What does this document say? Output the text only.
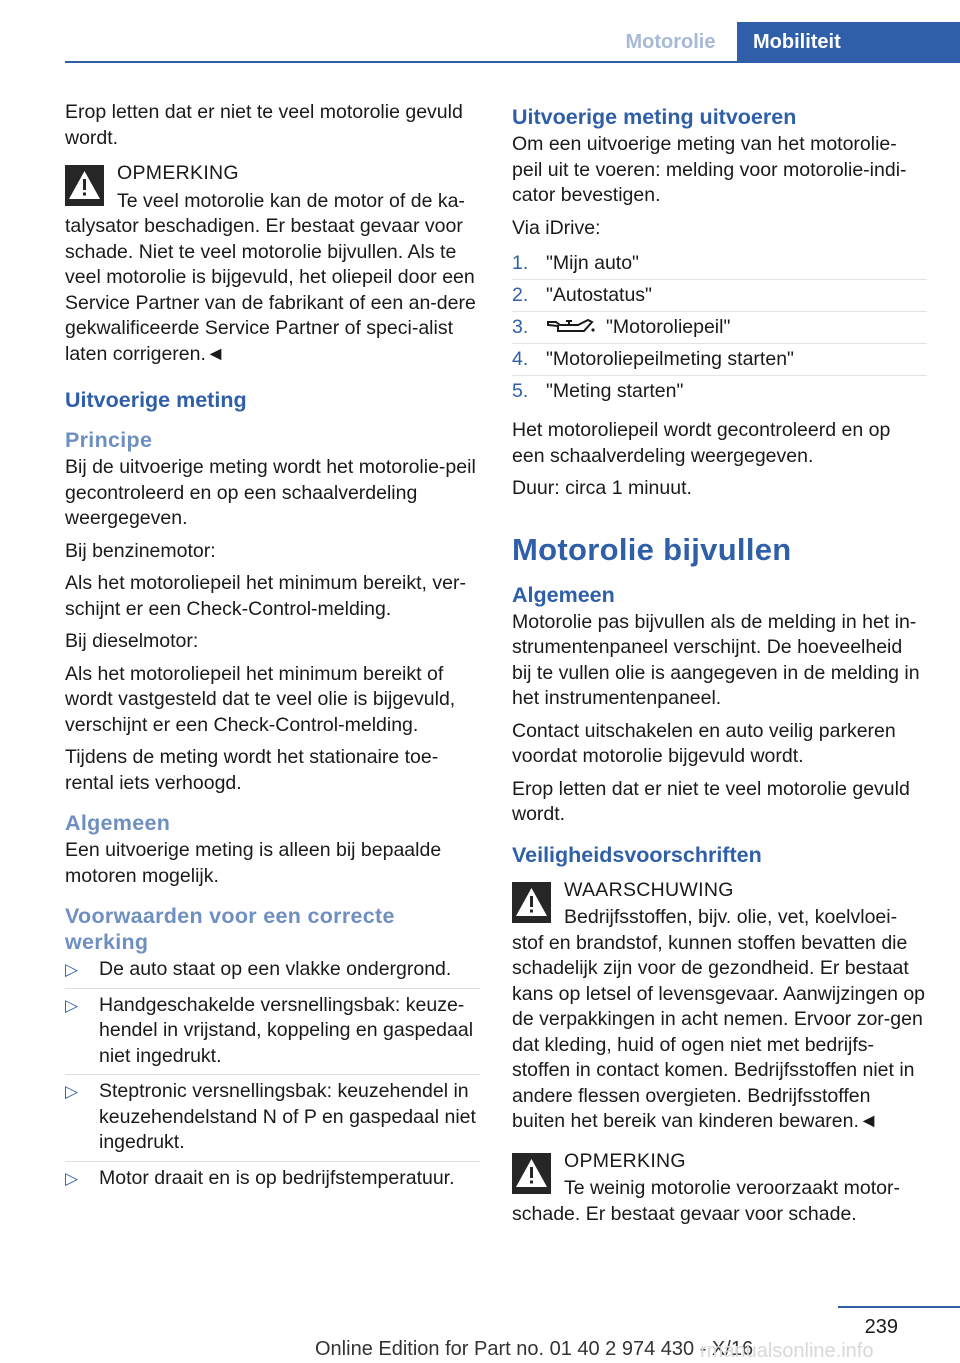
Motorolie	Mobiliteit

Erop letten dat er niet te veel motorolie gevuld wordt.

OPMERKING
Te veel motorolie kan de motor of de ka-
talysator beschadigen. Er bestaat gevaar voor schade. Niet te veel motorolie bijvullen. Als te veel motorolie is bijgevuld, het oliepeil door een Service Partner van de fabrikant of een an-dere gekwalificeerde Service Partner of speci-alist laten corrigeren.◄
Uitvoerige meting
Principe

Bij de uitvoerige meting wordt het motorolie-peil gecontroleerd en op een schaalverdeling weergegeven.

Bij benzinemotor:

Als het motoroliepeil het minimum bereikt, ver-schijnt er een Check-Control-melding.

Bij dieselmotor:

Als het motoroliepeil het minimum bereikt of wordt vastgesteld dat te veel olie is bijgevuld, verschijnt er een Check-Control-melding.

Tijdens de meting wordt het stationaire toe-rental iets verhoogd.

Algemeen

Een uitvoerige meting is alleen bij bepaalde motoren mogelijk.

Voorwaarden voor een correcte werking
▷ De auto staat op een vlakke ondergrond.
▷ Handgeschakelde versnellingsbak: keuze-hendel in vrijstand, koppeling en gaspedaal niet ingedrukt.
▷ Steptronic versnellingsbak: keuzehendel in keuzehendelstand N of P en gaspedaal niet ingedrukt.
▷ Motor draait en is op bedrijfstemperatuur.
Uitvoerige meting uitvoeren

Om een uitvoerige meting van het motorolie-peil uit te voeren: melding voor motorolie-indi-cator bevestigen.

Via iDrive:

1. "Mijn auto"
2. "Autostatus"
3.	"Motoroliepeil"
4. "Motoroliepeilmeting starten"
5. "Meting starten"

Het motoroliepeil wordt gecontroleerd en op een schaalverdeling weergegeven.

Duur: circa 1 minuut.

Motorolie bijvullen
Algemeen

Motorolie pas bijvullen als de melding in het in-strumentenpaneel verschijnt. De hoeveelheid bij te vullen olie is aangegeven in de melding in het instrumentenpaneel.

Contact uitschakelen en auto veilig parkeren voordat motorolie bijgevuld wordt.

Erop letten dat er niet te veel motorolie gevuld wordt.

Veiligheidsvoorschriften
WAARSCHUWING
Bedrijfsstoffen, bijv. olie, vet, koelvloei-
stof en brandstof, kunnen stoffen bevatten die schadelijk zijn voor de gezondheid. Er bestaat kans op letsel of levensgevaar. Aanwijzingen op de verpakkingen in acht nemen. Ervoor zor-gen dat kleding, huid of ogen niet met bedrijfs-stoffen in contact komen. Bedrijfsstoffen niet in andere flessen overgieten. Bedrijfsstoffen buiten het bereik van kinderen bewaren.◄
OPMERKING
Te weinig motorolie veroorzaakt motor-
schade. Er bestaat gevaar voor schade.
239
Online Edition for Part no. 01 40 2 974 430 - X/16
rmanualsonline.info
